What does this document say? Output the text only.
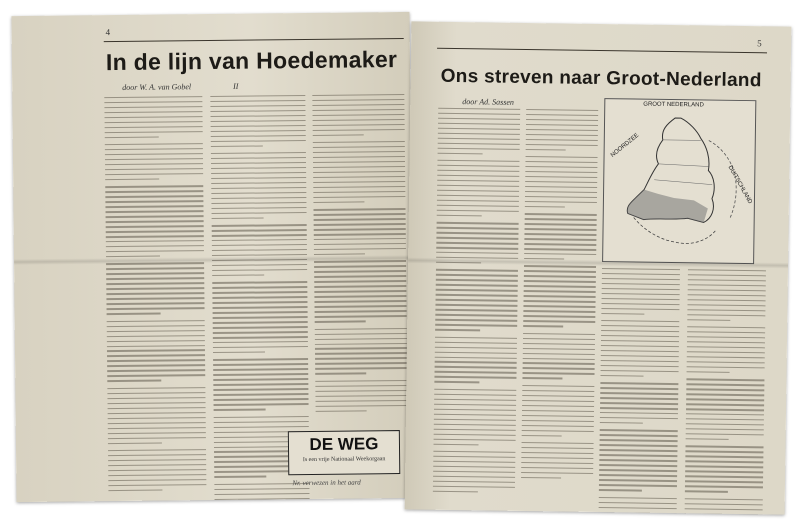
4
In de lijn van Hoedemaker
door W. A. van Gobel	II
DE WEG
Is een vrije Nationaal Weekorgaan
Nr. verwezen in het aard
5
Ons streven naar Groot-Nederland
door Ad. Sassen	GROOT NEDERLAND
NOORDZEE
DUITSCHLAND
